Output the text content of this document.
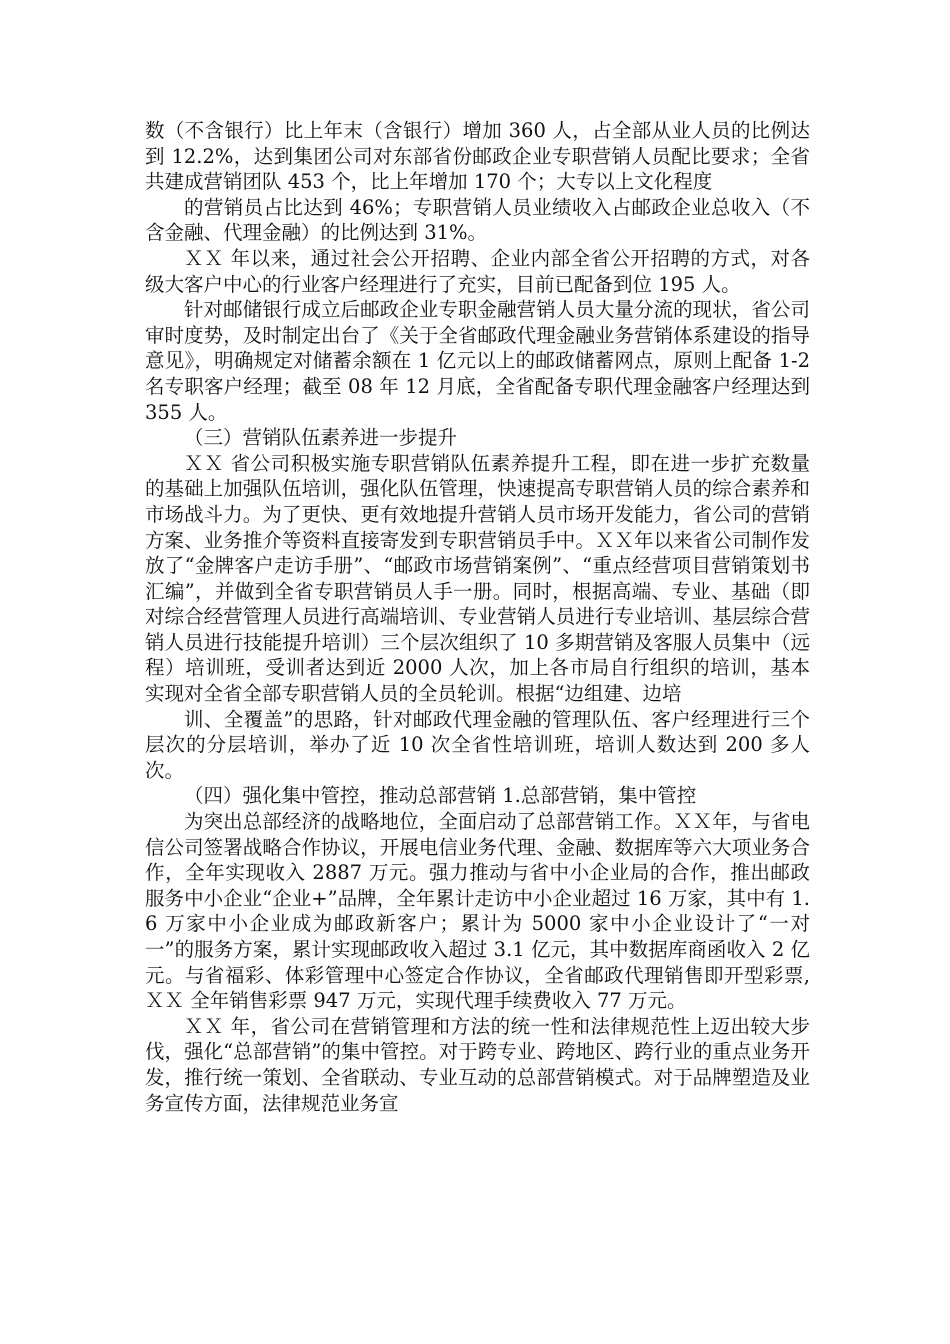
数（不含银行）比上年末（含银行）增加 360 人，占全部从业人员的比例达到 12.2%，达到集团公司对东部省份邮政企业专职营销人员配比要求；全省共建成营销团队 453 个，比上年增加 170 个；大专以上文化程度

的营销员占比达到 46%；专职营销人员业绩收入占邮政企业总收入（不含金融、代理金融）的比例达到 31%。

ＸＸ 年以来，通过社会公开招聘、企业内部全省公开招聘的方式，对各级大客户中心的行业客户经理进行了充实，目前已配备到位 195 人。

针对邮储银行成立后邮政企业专职金融营销人员大量分流的现状，省公司审时度势，及时制定出台了《关于全省邮政代理金融业务营销体系建设的指导意见》，明确规定对储蓄余额在 1 亿元以上的邮政储蓄网点，原则上配备 1-2 名专职客户经理；截至 08 年 12 月底，全省配备专职代理金融客户经理达到 355 人。

（三）营销队伍素养进一步提升

ＸＸ 省公司积极实施专职营销队伍素养提升工程，即在进一步扩充数量的基础上加强队伍培训，强化队伍管理，快速提高专职营销人员的综合素养和市场战斗力。为了更快、更有效地提升营销人员市场开发能力，省公司的营销方案、业务推介等资料直接寄发到专职营销员手中。ＸＸ年以来省公司制作发放了“金牌客户走访手册”、“邮政市场营销案例”、“重点经营项目营销策划书汇编”，并做到全省专职营销员人手一册。同时，根据高端、专业、基础（即对综合经营管理人员进行高端培训、专业营销人员进行专业培训、基层综合营销人员进行技能提升培训）三个层次组织了 10 多期营销及客服人员集中（远程）培训班，受训者达到近 2000 人次，加上各市局自行组织的培训，基本实现对全省全部专职营销人员的全员轮训。根据“边组建、边培

训、全覆盖”的思路，针对邮政代理金融的管理队伍、客户经理进行三个层次的分层培训，举办了近 10 次全省性培训班，培训人数达到 200 多人次。

（四）强化集中管控，推动总部营销 1.总部营销，集中管控

为突出总部经济的战略地位，全面启动了总部营销工作。ＸＸ年，与省电信公司签署战略合作协议，开展电信业务代理、金融、数据库等六大项业务合作，全年实现收入 2887 万元。强力推动与省中小企业局的合作，推出邮政服务中小企业“企业+”品牌，全年累计走访中小企业超过 16 万家，其中有 1.6 万家中小企业成为邮政新客户；累计为 5000 家中小企业设计了“一对一”的服务方案，累计实现邮政收入超过 3.1 亿元，其中数据库商函收入 2 亿元。与省福彩、体彩管理中心签定合作协议，全省邮政代理销售即开型彩票,ＸＸ 全年销售彩票 947 万元，实现代理手续费收入 77 万元。

ＸＸ 年，省公司在营销管理和方法的统一性和法律规范性上迈出较大步伐，强化“总部营销”的集中管控。对于跨专业、跨地区、跨行业的重点业务开发，推行统一策划、全省联动、专业互动的总部营销模式。对于品牌塑造及业务宣传方面，法律规范业务宣
